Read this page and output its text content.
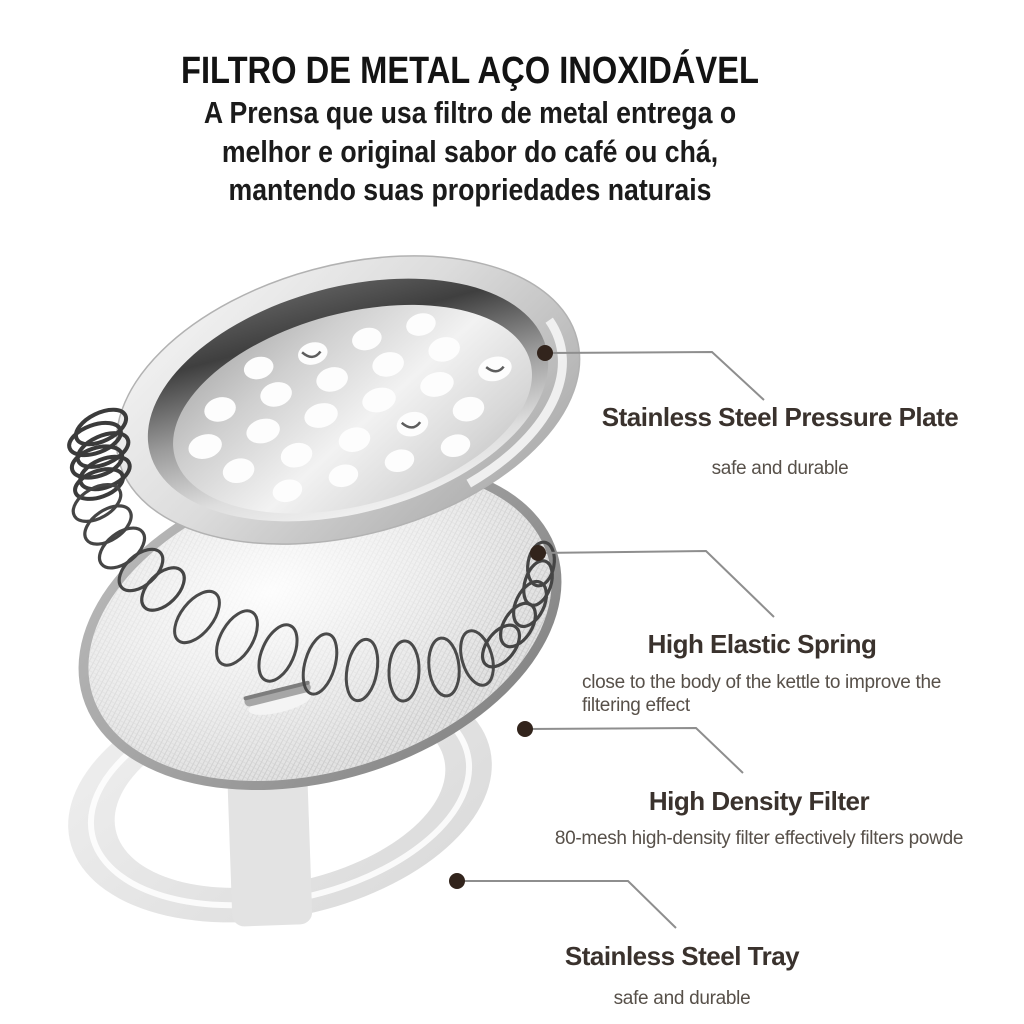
FILTRO DE METAL AÇO INOXIDÁVEL
A Prensa que usa filtro de metal entrega o
melhor e original sabor do café ou chá,
mantendo suas propriedades naturais
Stainless Steel Pressure Plate
safe and durable
High Elastic Spring
close to the body of the kettle to improve the
filtering effect
High Density Filter
80-mesh high-density filter effectively filters powde
Stainless Steel Tray
safe and durable
